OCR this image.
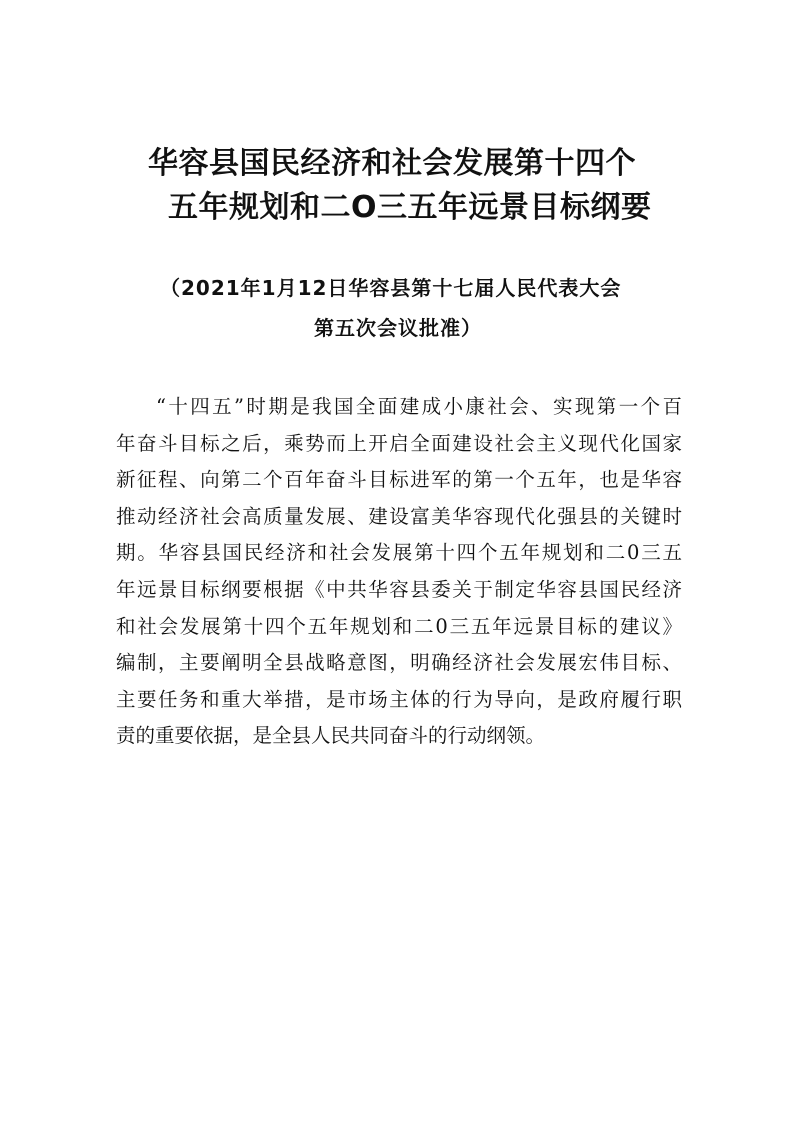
华容县国民经济和社会发展第十四个
五年规划和二O三五年远景目标纲要
（2021年1月12日华容县第十七届人民代表大会
第五次会议批准）
“十四五”时期是我国全面建成小康社会、实现第一个百
年奋斗目标之后，乘势而上开启全面建设社会主义现代化国家
新征程、向第二个百年奋斗目标进军的第一个五年，也是华容
推动经济社会高质量发展、建设富美华容现代化强县的关键时
期。华容县国民经济和社会发展第十四个五年规划和二0三五
年远景目标纲要根据《中共华容县委关于制定华容县国民经济
和社会发展第十四个五年规划和二0三五年远景目标的建议》
编制，主要阐明全县战略意图，明确经济社会发展宏伟目标、
主要任务和重大举措，是市场主体的行为导向，是政府履行职
责的重要依据，是全县人民共同奋斗的行动纲领。
